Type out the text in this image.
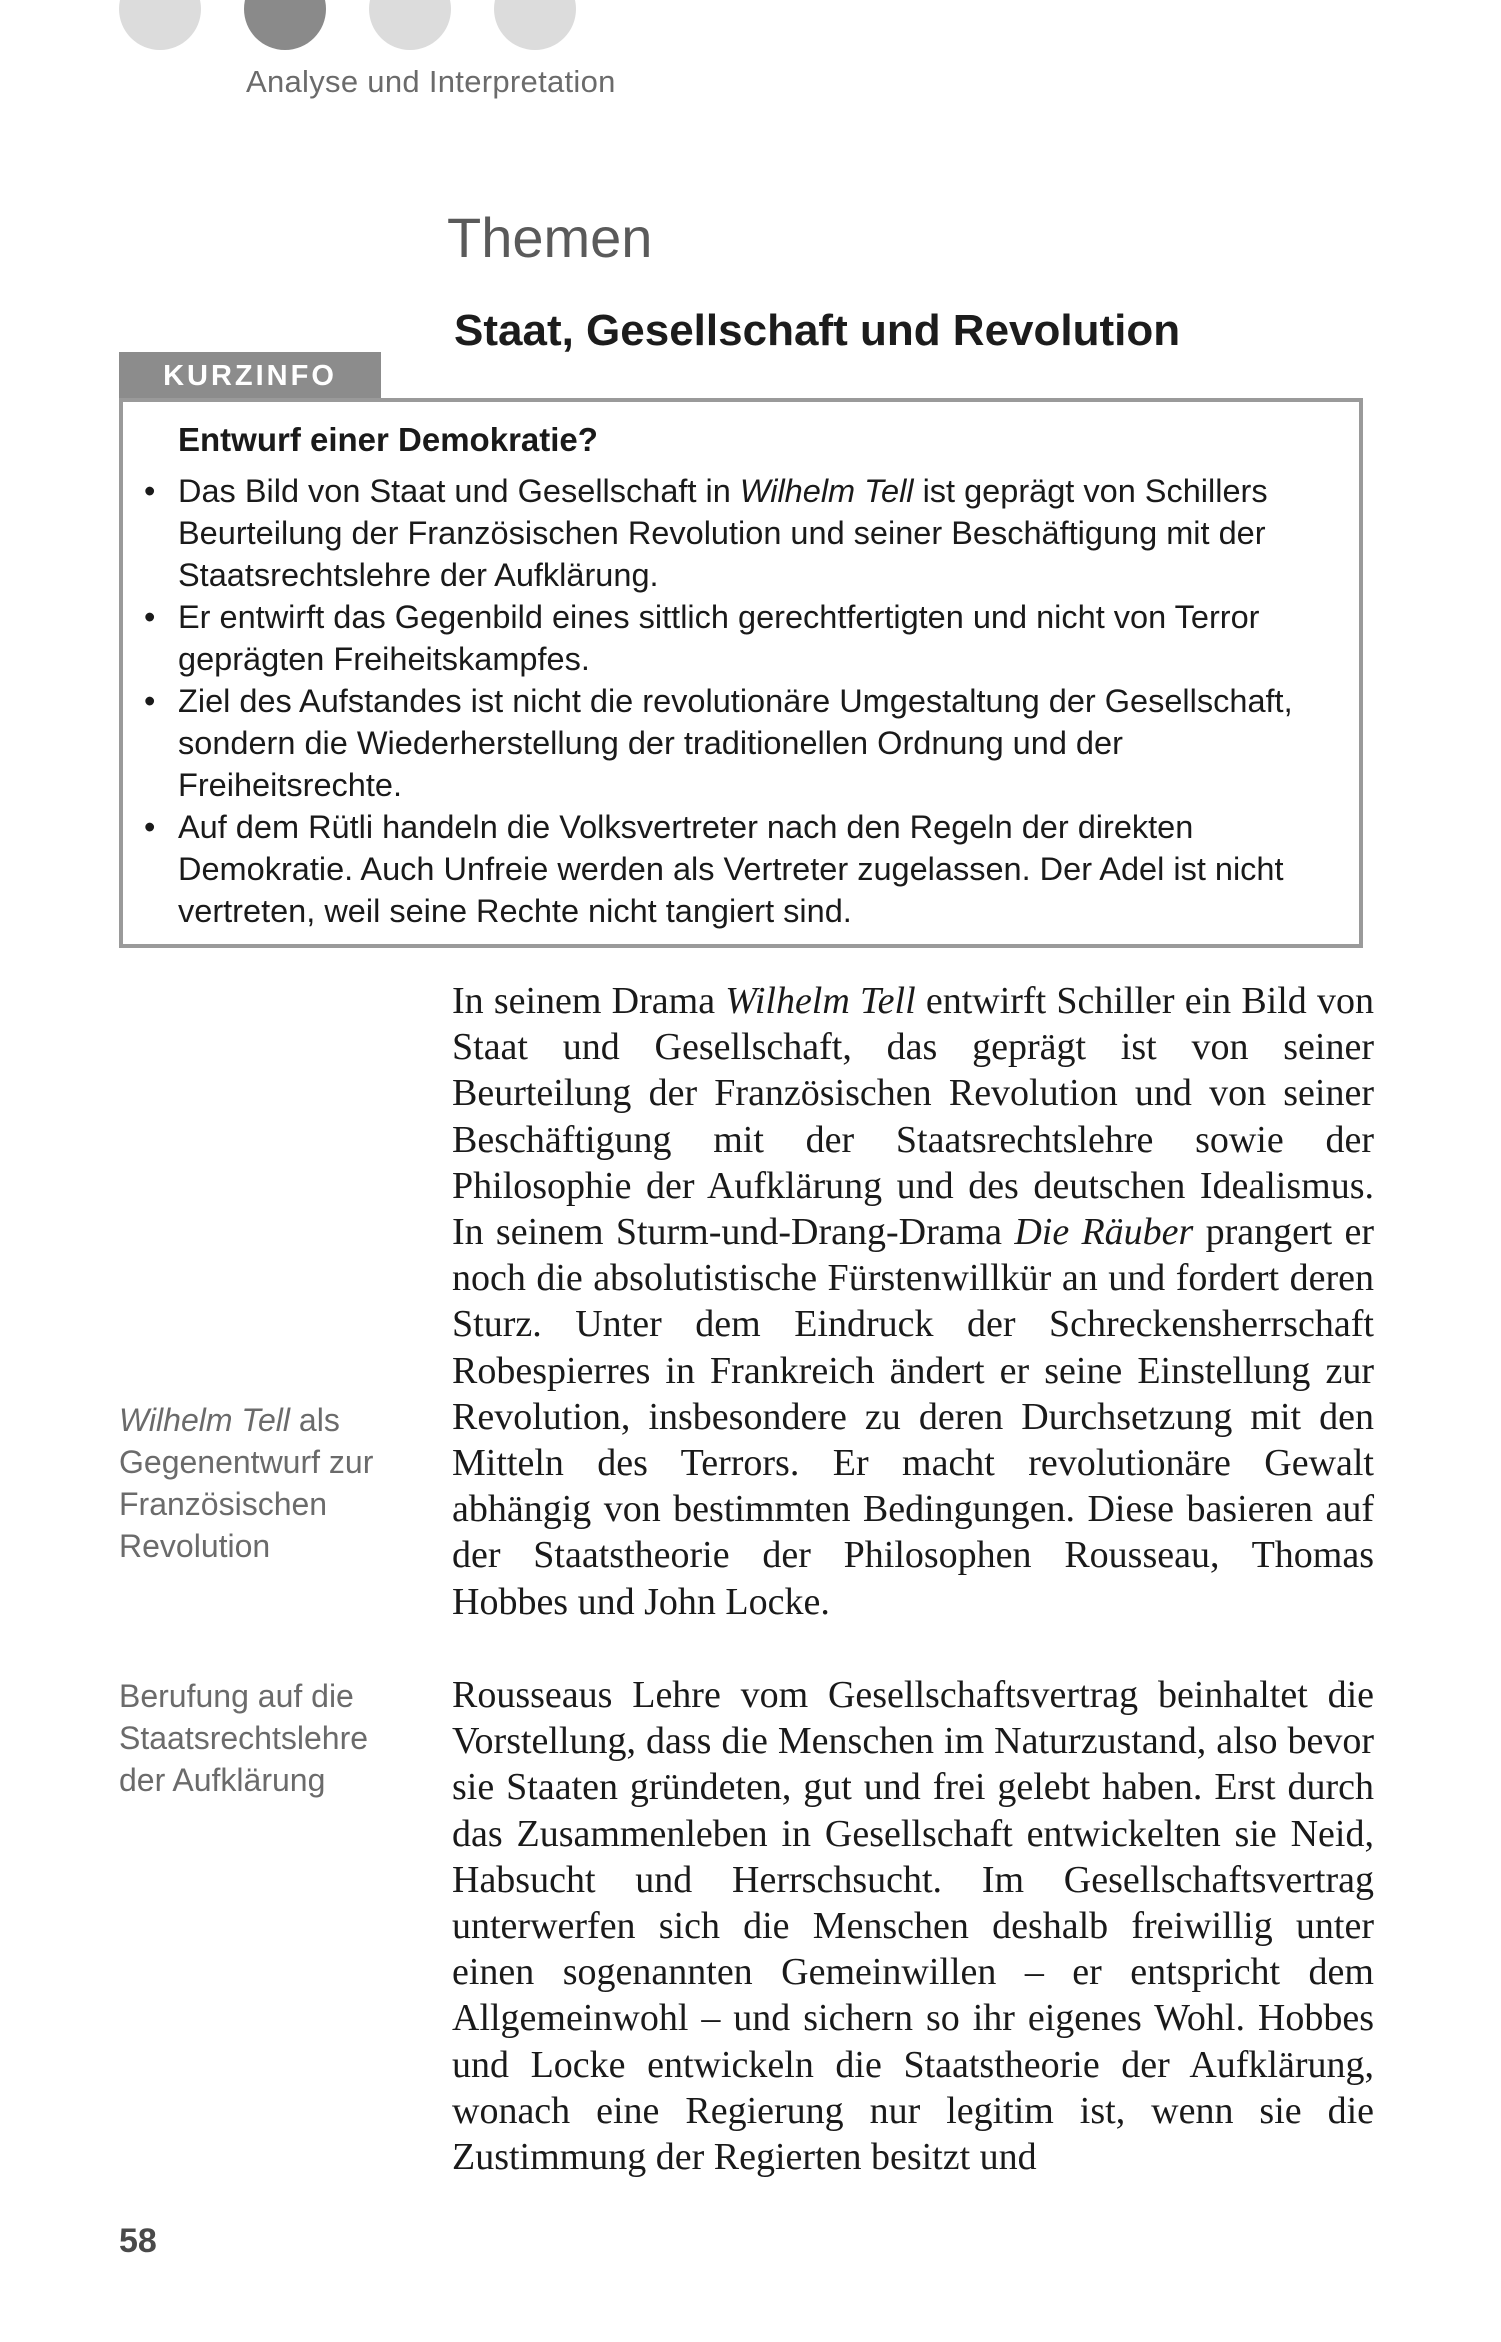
Analyse und Interpretation
Themen
Staat, Gesellschaft und Revolution
KURZINFO
Entwurf einer Demokratie?
• Das Bild von Staat und Gesellschaft in Wilhelm Tell ist geprägt von Schillers Beurteilung der Französischen Revolution und seiner Beschäftigung mit der Staatsrechtslehre der Aufklärung.
• Er entwirft das Gegenbild eines sittlich gerechtfertigten und nicht von Terror geprägten Freiheitskampfes.
• Ziel des Aufstandes ist nicht die revolutionäre Umgestaltung der Gesellschaft, sondern die Wiederherstellung der traditionellen Ordnung und der Freiheitsrechte.
• Auf dem Rütli handeln die Volksvertreter nach den Regeln der direkten Demokratie. Auch Unfreie werden als Vertreter zugelassen. Der Adel ist nicht vertreten, weil seine Rechte nicht tangiert sind.

In seinem Drama Wilhelm Tell entwirft Schiller ein Bild von Staat und Gesellschaft, das geprägt ist von seiner Beurteilung der Französischen Revolution und von seiner Beschäftigung mit der Staatsrechtslehre sowie der Philosophie der Aufklärung und des deutschen Idealismus. In seinem Sturm-und-Drang-Drama Die Räuber prangert er noch die absolutistische Fürstenwillkür an und fordert deren Sturz. Unter dem Eindruck der Schreckensherrschaft Robespierres in Frankreich ändert er seine Einstellung zur Revolution, insbesondere zu deren Durchsetzung mit den Mitteln des Terrors. Er macht revolutionäre Gewalt abhängig von bestimmten Bedingungen. Diese basieren auf der Staatstheorie der Philosophen Rousseau, Thomas Hobbes und John Locke.

Rousseaus Lehre vom Gesellschaftsvertrag beinhaltet die Vorstellung, dass die Menschen im Naturzustand, also bevor sie Staaten gründeten, gut und frei gelebt haben. Erst durch das Zusammenleben in Gesellschaft entwickelten sie Neid, Habsucht und Herrschsucht. Im Gesellschaftsvertrag unterwerfen sich die Menschen deshalb freiwillig unter einen sogenannten Gemeinwillen – er entspricht dem Allgemeinwohl – und sichern so ihr eigenes Wohl. Hobbes und Locke entwickeln die Staatstheorie der Aufklärung, wonach eine Regierung nur legitim ist, wenn sie die Zustimmung der Regierten besitzt und

Wilhelm Tell als Gegenentwurf zur Französischen Revolution

Berufung auf die Staatsrechtslehre der Aufklärung

58
